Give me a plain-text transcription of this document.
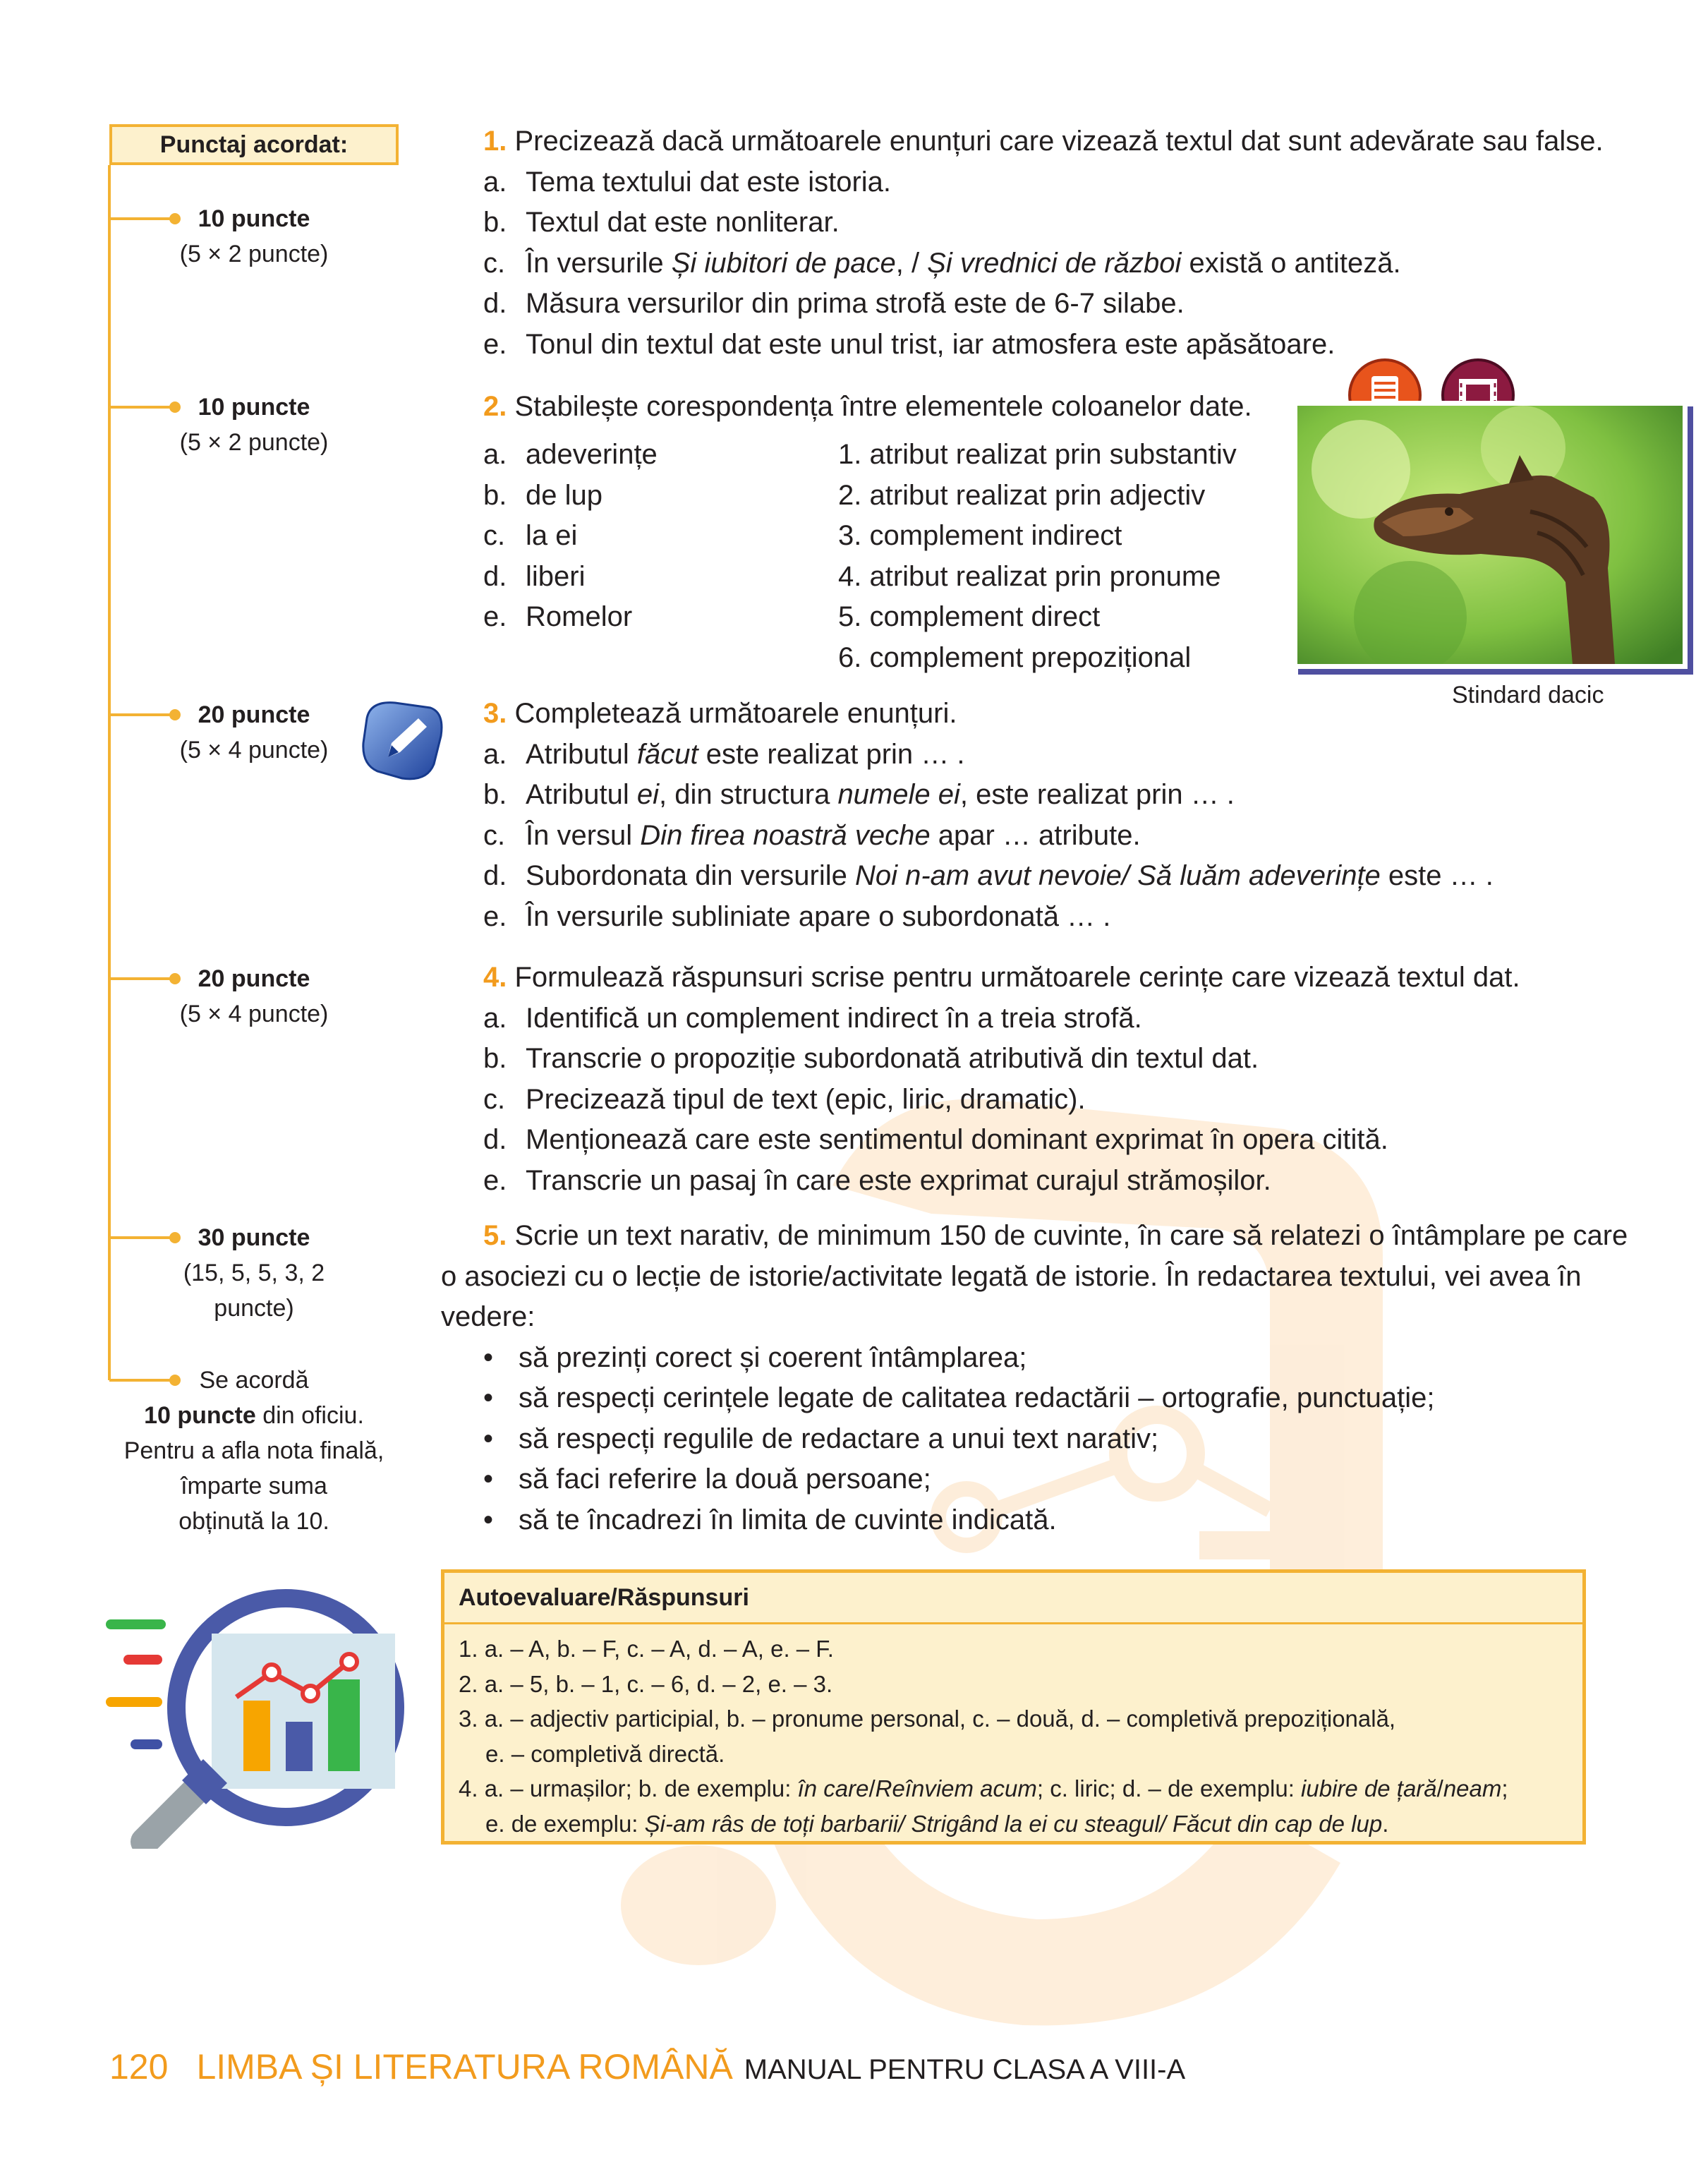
Punctaj acordat:
10 puncte
(5 × 2 puncte)
10 puncte
(5 × 2 puncte)
20 puncte
(5 × 4 puncte)
20 puncte
(5 × 4 puncte)
30 puncte
(15, 5, 5, 3, 2 puncte)
Se acordă
10 puncte din oficiu.
Pentru a afla nota finală,
împarte suma
obținută la 10.
Stindard dacic
1. Precizează dacă următoarele enunțuri care vizează textul dat sunt adevărate sau false.
a. Tema textului dat este istoria.
b. Textul dat este nonliterar.
c. În versurile Și iubitori de pace, / Și vrednici de război există o antiteză.
d. Măsura versurilor din prima strofă este de 6-7 silabe.
e. Tonul din textul dat este unul trist, iar atmosfera este apăsătoare.
2. Stabilește corespondența între elementele coloanelor date.
a. adeverințe
b. de lup
c. la ei
d. liberi
e. Romelor
1. atribut realizat prin substantiv
2. atribut realizat prin adjectiv
3. complement indirect
4. atribut realizat prin pronume
5. complement direct
6. complement prepozițional
3. Completează următoarele enunțuri.
a. Atributul făcut este realizat prin … .
b. Atributul ei, din structura numele ei, este realizat prin … .
c. În versul Din firea noastră veche apar … atribute.
d. Subordonata din versurile Noi n-am avut nevoie/ Să luăm adeverințe este … .
e. În versurile subliniate apare o subordonată … .
4. Formulează răspunsuri scrise pentru următoarele cerințe care vizează textul dat.
a. Identifică un complement indirect în a treia strofă.
b. Transcrie o propoziție subordonată atributivă din textul dat.
c. Precizează tipul de text (epic, liric, dramatic).
d. Menționează care este sentimentul dominant exprimat în opera citită.
e. Transcrie un pasaj în care este exprimat curajul strămoșilor.
5. Scrie un text narativ, de minimum 150 de cuvinte, în care să relatezi o întâmplare pe care
o asociezi cu o lecție de istorie/activitate legată de istorie. În redactarea textului, vei avea în
vedere:
• să prezinți corect și coerent întâmplarea;
• să respecți cerințele legate de calitatea redactării – ortografie, punctuație;
• să respecți regulile de redactare a unui text narativ;
• să faci referire la două persoane;
• să te încadrezi în limita de cuvinte indicată.
Autoevaluare/Răspunsuri
1. a. – A, b. – F, c. – A, d. – A, e. – F.
2. a. – 5, b. – 1, c. – 6, d. – 2, e. – 3.
3. a. – adjectiv participial, b. – pronume personal, c. – două, d. – completivă prepozițională,
e. – completivă directă.
4. a. – urmașilor; b. de exemplu: în care/Reînviem acum; c. liric; d. – de exemplu: iubire de țară/neam;
e. de exemplu: Și-am râs de toți barbarii/ Strigând la ei cu steagul/ Făcut din cap de lup.
120 LIMBA ȘI LITERATURA ROMÂNĂ MANUAL PENTRU CLASA A VIII-A
